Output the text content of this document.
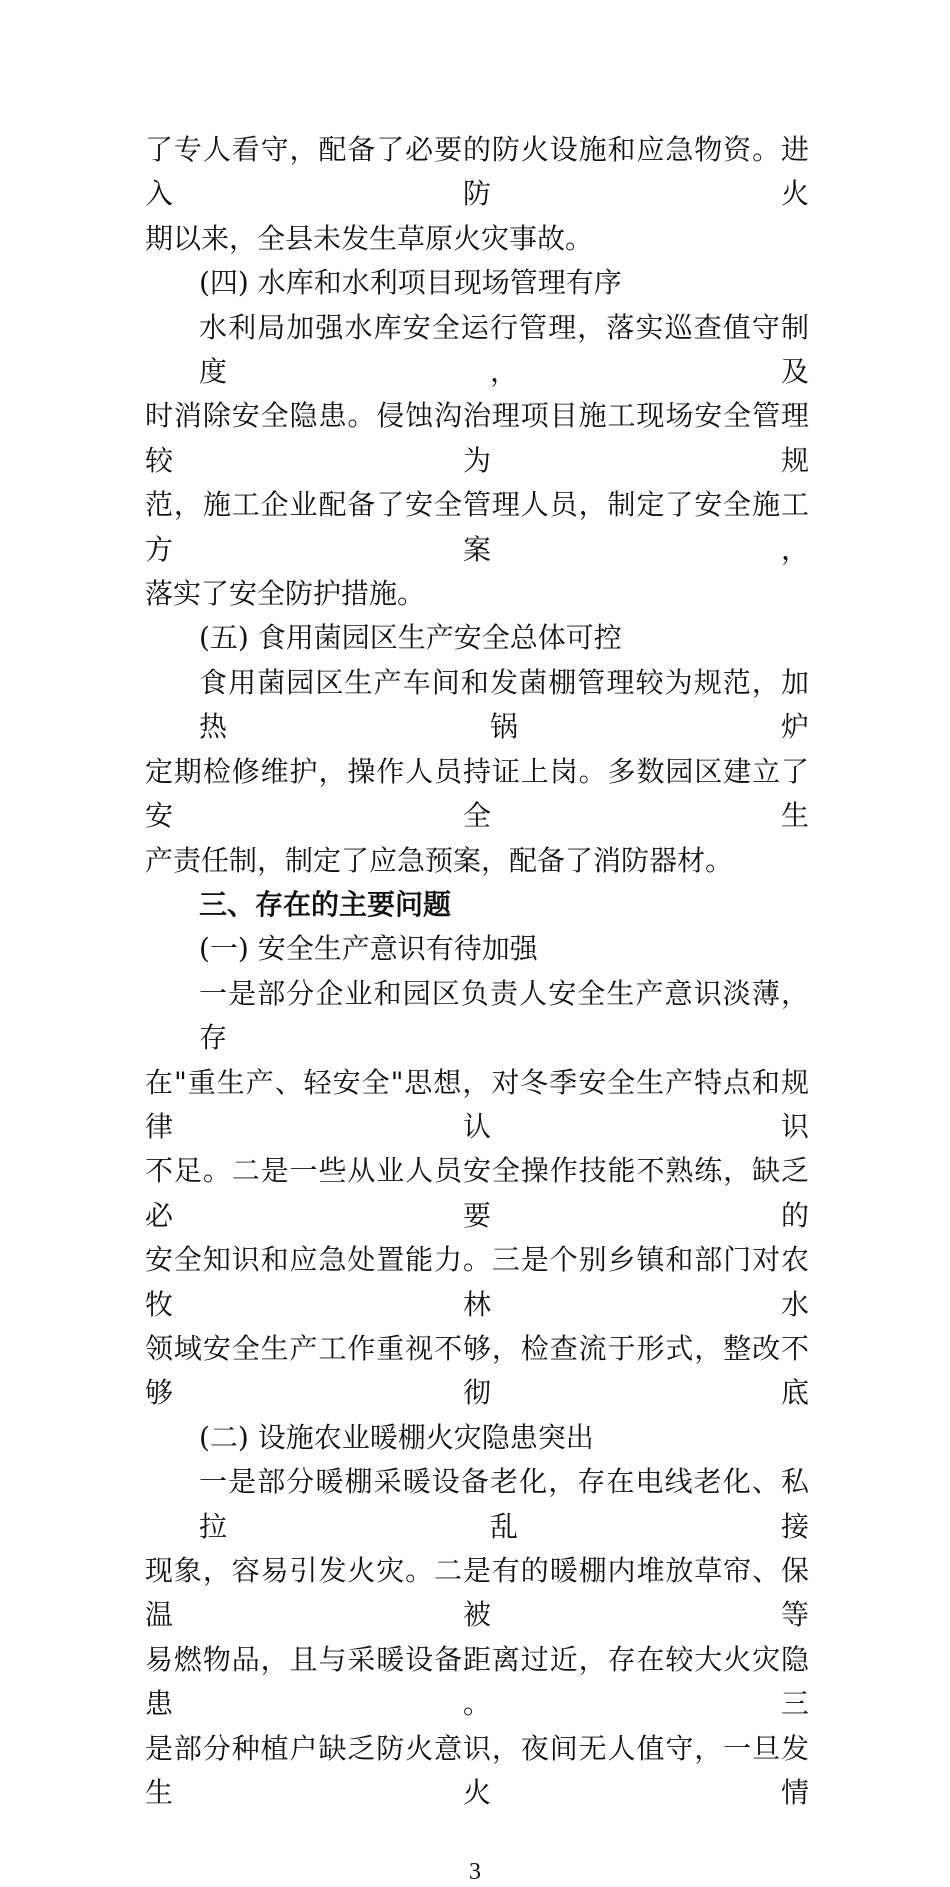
了专人看守，配备了必要的防火设施和应急物资。进入防火
期以来，全县未发生草原火灾事故。
(四) 水库和水利项目现场管理有序
水利局加强水库安全运行管理，落实巡查值守制度，及
时消除安全隐患。侵蚀沟治理项目施工现场安全管理较为规
范，施工企业配备了安全管理人员，制定了安全施工方案，
落实了安全防护措施。
(五) 食用菌园区生产安全总体可控
食用菌园区生产车间和发菌棚管理较为规范，加热锅炉
定期检修维护，操作人员持证上岗。多数园区建立了安全生
产责任制，制定了应急预案，配备了消防器材。
三、存在的主要问题
(一) 安全生产意识有待加强
一是部分企业和园区负责人安全生产意识淡薄，存
在"重生产、轻安全"思想，对冬季安全生产特点和规律认识
不足。二是一些从业人员安全操作技能不熟练，缺乏必要的
安全知识和应急处置能力。三是个别乡镇和部门对农牧林水
领域安全生产工作重视不够，检查流于形式，整改不够彻底
(二) 设施农业暖棚火灾隐患突出
一是部分暖棚采暖设备老化，存在电线老化、私拉乱接
现象，容易引发火灾。二是有的暖棚内堆放草帘、保温被等
易燃物品，且与采暖设备距离过近，存在较大火灾隐患。三
是部分种植户缺乏防火意识，夜间无人值守，一旦发生火情
3
